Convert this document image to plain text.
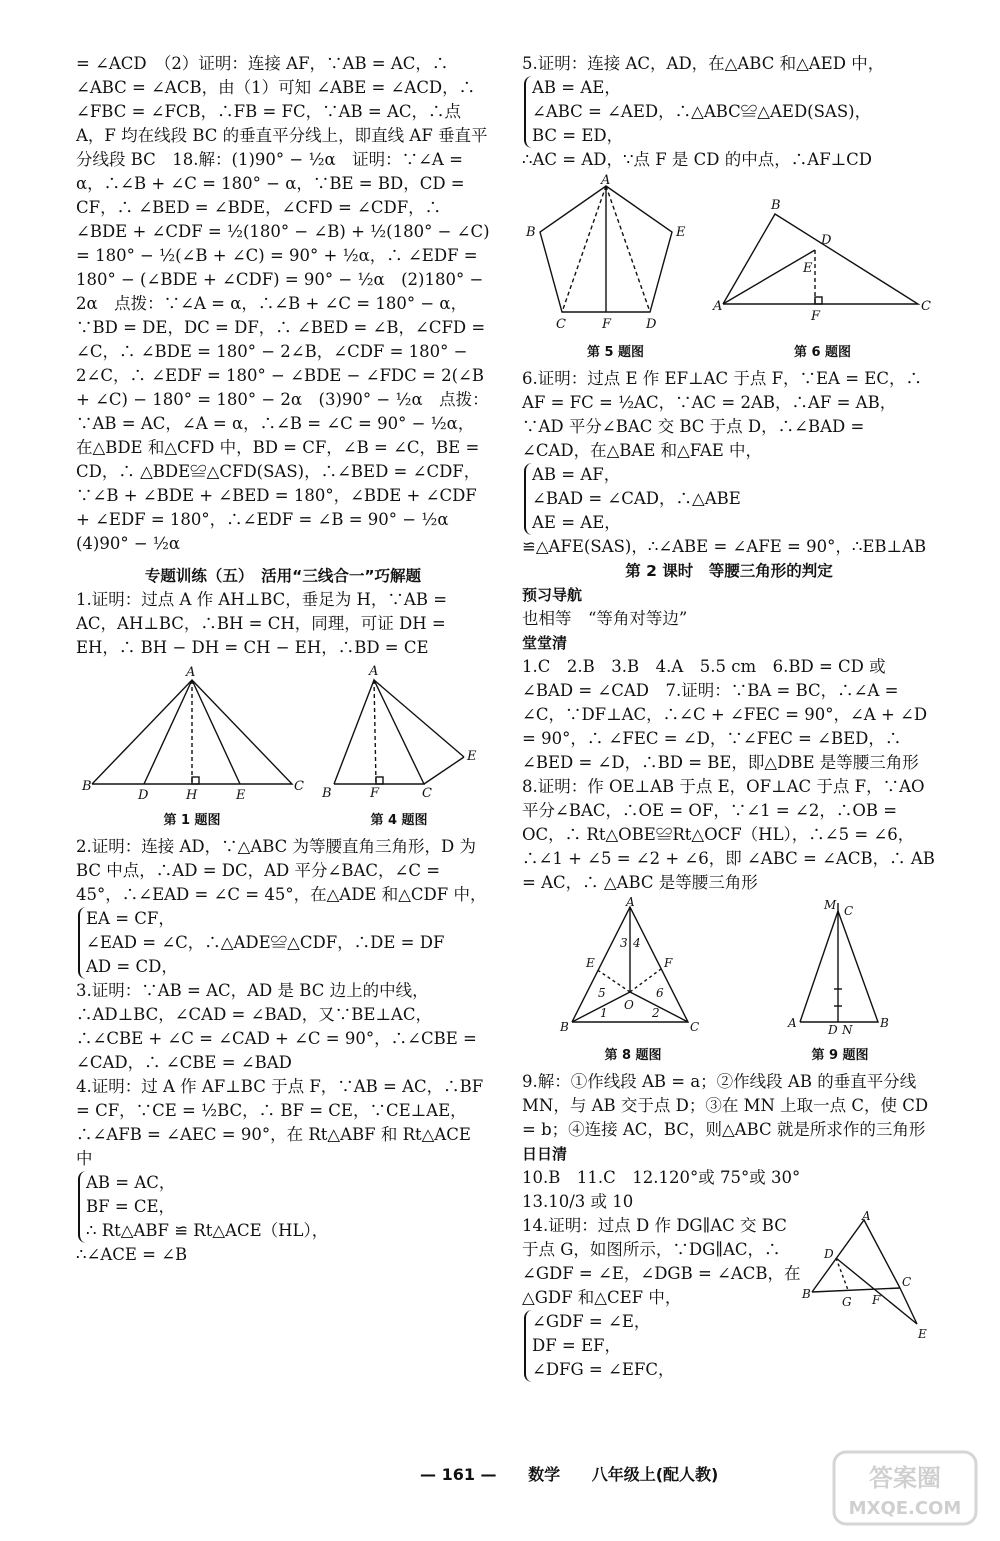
= ∠ACD　（2）证明：连接 AF，∵AB = AC，∴ ∠ABC = ∠ACB，由（1）可知 ∠ABE = ∠ACD，∴ ∠FBC = ∠FCB，∴FB = FC，∵AB = AC，∴点 A，F 均在线段 BC 的垂直平分线上，即直线 AF 垂直平分线段 BC　18.解：(1)90° − ½α　证明：∵∠A = α，∴∠B + ∠C = 180° − α，∵BE = BD，CD = CF，∴ ∠BED = ∠BDE，∠CFD = ∠CDF，∴ ∠BDE + ∠CDF = ½(180° − ∠B) + ½(180° − ∠C) = 180° − ½(∠B + ∠C) = 90° + ½α，∴ ∠EDF = 180° − (∠BDE + ∠CDF) = 90° − ½α　(2)180° − 2α　点拨：∵∠A = α，∴∠B + ∠C = 180° − α，∵BD = DE，DC = DF，∴ ∠BED = ∠B，∠CFD = ∠C，∴ ∠BDE = 180° − 2∠B，∠CDF = 180° − 2∠C，∴ ∠EDF = 180° − ∠BDE − ∠FDC = 2(∠B + ∠C) − 180° = 180° − 2α　(3)90° − ½α　点拨：∵AB = AC，∠A = α，∴∠B = ∠C = 90° − ½α，在△BDE 和△CFD 中，BD = CF，∠B = ∠C，BE = CD，∴ △BDE≌△CFD(SAS)，∴∠BED = ∠CDF，∵∠B + ∠BDE + ∠BED = 180°，∠BDE + ∠CDF + ∠EDF = 180°，∴∠EDF = ∠B = 90° − ½α　(4)90° − ½α

专题训练（五）　活用“三线合一”巧解题

1.证明：过点 A 作 AH⊥BC，垂足为 H，∵AB = AC，AH⊥BC，∴BH = CH，同理，可证 DH = EH，∴ BH − DH = CH − EH，∴BD = CE

A
B
D	H	E
C
第 1 题图
A
B	F	C
E
第 4 题图

2.证明：连接 AD，∵△ABC 为等腰直角三角形，D 为 BC 中点，∴AD = DC，AD 平分∠BAC，∠C = 45°，∴∠EAD = ∠C = 45°，在△ADE 和△CDF 中，

EA = CF，

∠EAD = ∠C，∴△ADE≌△CDF，∴DE = DF

AD = CD，

3.证明：∵AB = AC，AD 是 BC 边上的中线，∴AD⊥BC，∠CAD = ∠BAD，又∵BE⊥AC，∴∠CBE + ∠C = ∠CAD + ∠C = 90°，∴∠CBE = ∠CAD，∴ ∠CBE = ∠BAD

4.证明：过 A 作 AF⊥BC 于点 F，∵AB = AC，∴BF = CF，∵CE = ½BC，∴ BF = CE，∵CE⊥AE，∴∠AFB = ∠AEC = 90°，在 Rt△ABF 和 Rt△ACE 中

AB = AC，

BF = CE，

∴ Rt△ABF ≌ Rt△ACE（HL），

∴∠ACE = ∠B

5.证明：连接 AC，AD，在△ABC 和△AED 中，

AB = AE，

∠ABC = ∠AED，∴△ABC≌△AED(SAS)，

BC = ED，

∴AC = AD，∵点 F 是 CD 的中点，∴AF⊥CD

A
B	E
C	F	D
第 5 题图
B
D
E
A
F
C
第 6 题图

6.证明：过点 E 作 EF⊥AC 于点 F，∵EA = EC，∴ AF = FC = ½AC，∵AC = 2AB，∴AF = AB，∵AD 平分∠BAC 交 BC 于点 D，∴∠BAD = ∠CAD，在△BAE 和△FAE 中，

AB = AF，

∠BAD = ∠CAD，∴△ABE

AE = AE，

≌△AFE(SAS)，∴∠ABE = ∠AFE = 90°，∴EB⊥AB

第 2 课时　等腰三角形的判定

预习导航

也相等　“等角对等边”

堂堂清

1.C　2.B　3.B　4.A　5.5 cm　6.BD = CD 或 ∠BAD = ∠CAD　7.证明：∵BA = BC，∴∠A = ∠C，∵DF⊥AC，∴∠C + ∠FEC = 90°，∠A + ∠D = 90°，∴ ∠FEC = ∠D，∵∠FEC = ∠BED，∴ ∠BED = ∠D，∴BD = BE，即△DBE 是等腰三角形

8.证明：作 OE⊥AB 于点 E，OF⊥AC 于点 F，∵AO 平分∠BAC，∴OE = OF，∵∠1 = ∠2，∴OB = OC，∴ Rt△OBE≌Rt△OCF（HL），∴∠5 = ∠6，∴∠1 + ∠5 = ∠2 + ∠6，即 ∠ABC = ∠ACB，∴ AB = AC，∴ △ABC 是等腰三角形

A
E	F
O
B	C
3 4
5	6
1	2
第 8 题图
M C
A	D N B
第 9 题图

9.解：①作线段 AB = a；②作线段 AB 的垂直平分线 MN，与 AB 交于点 D；③在 MN 上取一点 C，使 CD = b；④连接 AC，BC，则△ABC 就是所求作的三角形

日日清

10.B　11.C　12.120°或 75°或 30°

13.10/3 或 10

14.证明：过点 D 作 DG∥AC 交 BC 于点 G，如图所示，∵DG∥AC，∴ ∠GDF = ∠E，∠DGB = ∠ACB，在△GDF 和△CEF 中，

∠GDF = ∠E，

DF = EF，

∠DFG = ∠EFC，

A
D
B
G F
C
E
— 161 — 数学 八年级上(配人教)	答案圈
MXQE.COM
